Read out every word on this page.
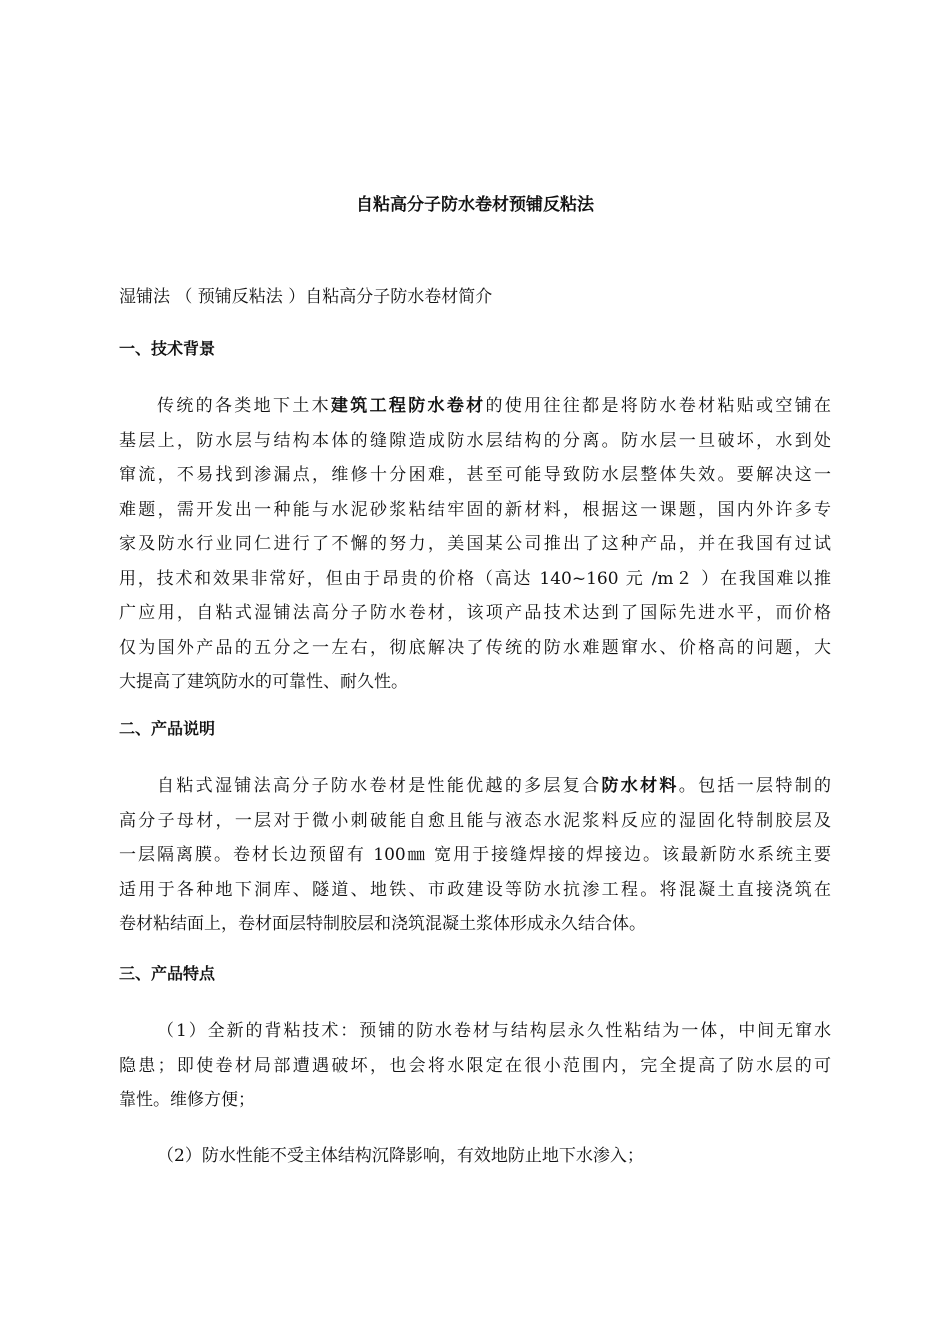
自粘高分子防水卷材预铺反粘法
湿铺法 （ 预铺反粘法 ）自粘高分子防水卷材简介
一、技术背景
传统的各类地下土木建筑工程防水卷材的使用往往都是将防水卷材粘贴或空铺在
基层上，防水层与结构本体的缝隙造成防水层结构的分离。防水层一旦破坏，水到处
窜流，不易找到渗漏点，维修十分困难，甚至可能导致防水层整体失效。要解决这一
难题，需开发出一种能与水泥砂浆粘结牢固的新材料，根据这一课题，国内外许多专
家及防水行业同仁进行了不懈的努力，美国某公司推出了这种产品，并在我国有过试
用，技术和效果非常好，但由于昂贵的价格（高达 140~160 元 /m２ ）在我国难以推
广应用，自粘式湿铺法高分子防水卷材，该项产品技术达到了国际先进水平，而价格
仅为国外产品的五分之一左右，彻底解决了传统的防水难题窜水、价格高的问题，大
大提高了建筑防水的可靠性、耐久性。
二、产品说明
自粘式湿铺法高分子防水卷材是性能优越的多层复合防水材料。包括一层特制的
高分子母材，一层对于微小刺破能自愈且能与液态水泥浆料反应的湿固化特制胶层及
一层隔离膜。卷材长边预留有 100㎜ 宽用于接缝焊接的焊接边。该最新防水系统主要
适用于各种地下洞库、隧道、地铁、市政建设等防水抗渗工程。将混凝土直接浇筑在
卷材粘结面上，卷材面层特制胶层和浇筑混凝土浆体形成永久结合体。
三、产品特点
（1）全新的背粘技术：预铺的防水卷材与结构层永久性粘结为一体，中间无窜水
隐患；即使卷材局部遭遇破坏，也会将水限定在很小范围内，完全提高了防水层的可
靠性。维修方便；
（2）防水性能不受主体结构沉降影响，有效地防止地下水渗入；
